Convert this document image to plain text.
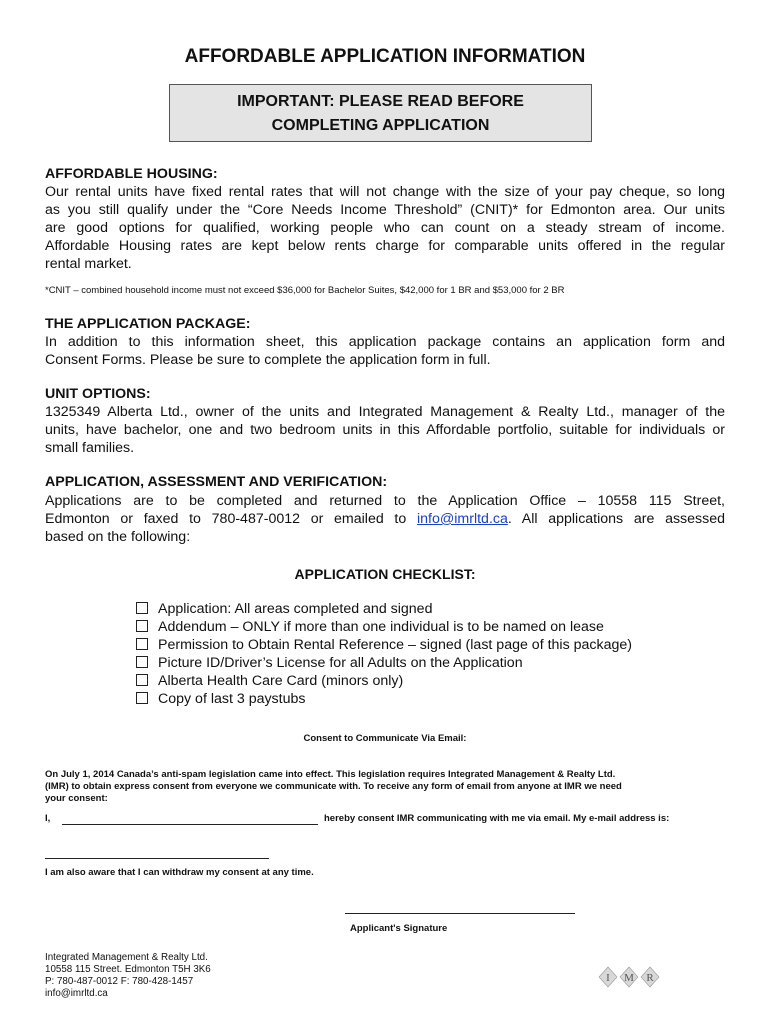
AFFORDABLE APPLICATION INFORMATION
IMPORTANT: PLEASE READ BEFORE
COMPLETING APPLICATION
AFFORDABLE HOUSING:
Our rental units have fixed rental rates that will not change with the size of your pay cheque, so long
as you still qualify under the “Core Needs Income Threshold” (CNIT)* for Edmonton area. Our units
are good options for qualified, working people who can count on a steady stream of income.
Affordable Housing rates are kept below rents charge for comparable units offered in the regular
rental market.
*CNIT – combined household income must not exceed $36,000 for Bachelor Suites, $42,000 for 1 BR and $53,000 for 2 BR
THE APPLICATION PACKAGE:
In addition to this information sheet, this application package contains an application form and
Consent Forms. Please be sure to complete the application form in full.
UNIT OPTIONS:
1325349 Alberta Ltd., owner of the units and Integrated Management & Realty Ltd., manager of the
units, have bachelor, one and two bedroom units in this Affordable portfolio, suitable for individuals or
small families.
APPLICATION, ASSESSMENT AND VERIFICATION:
Applications are to be completed and returned to the Application Office – 10558 115 Street,
Edmonton or faxed to 780-487-0012 or emailed to info@imrltd.ca. All applications are assessed
based on the following:
APPLICATION CHECKLIST:
Application: All areas completed and signed
Addendum – ONLY if more than one individual is to be named on lease
Permission to Obtain Rental Reference – signed (last page of this package)
Picture ID/Driver’s License for all Adults on the Application
Alberta Health Care Card (minors only)
Copy of last 3 paystubs
Consent to Communicate Via Email:
On July 1, 2014 Canada’s anti-spam legislation came into effect. This legislation requires Integrated Management & Realty Ltd.
(IMR) to obtain express consent from everyone we communicate with. To receive any form of email from anyone at IMR we need
your consent:
I,	hereby consent IMR communicating with me via email. My e-mail address is:
I am also aware that I can withdraw my consent at any time.
Applicant's Signature
Integrated Management & Realty Ltd.
10558 115 Street. Edmonton T5H 3K6
P: 780-487-0012 F: 780-428-1457
info@imrltd.ca
I M R
